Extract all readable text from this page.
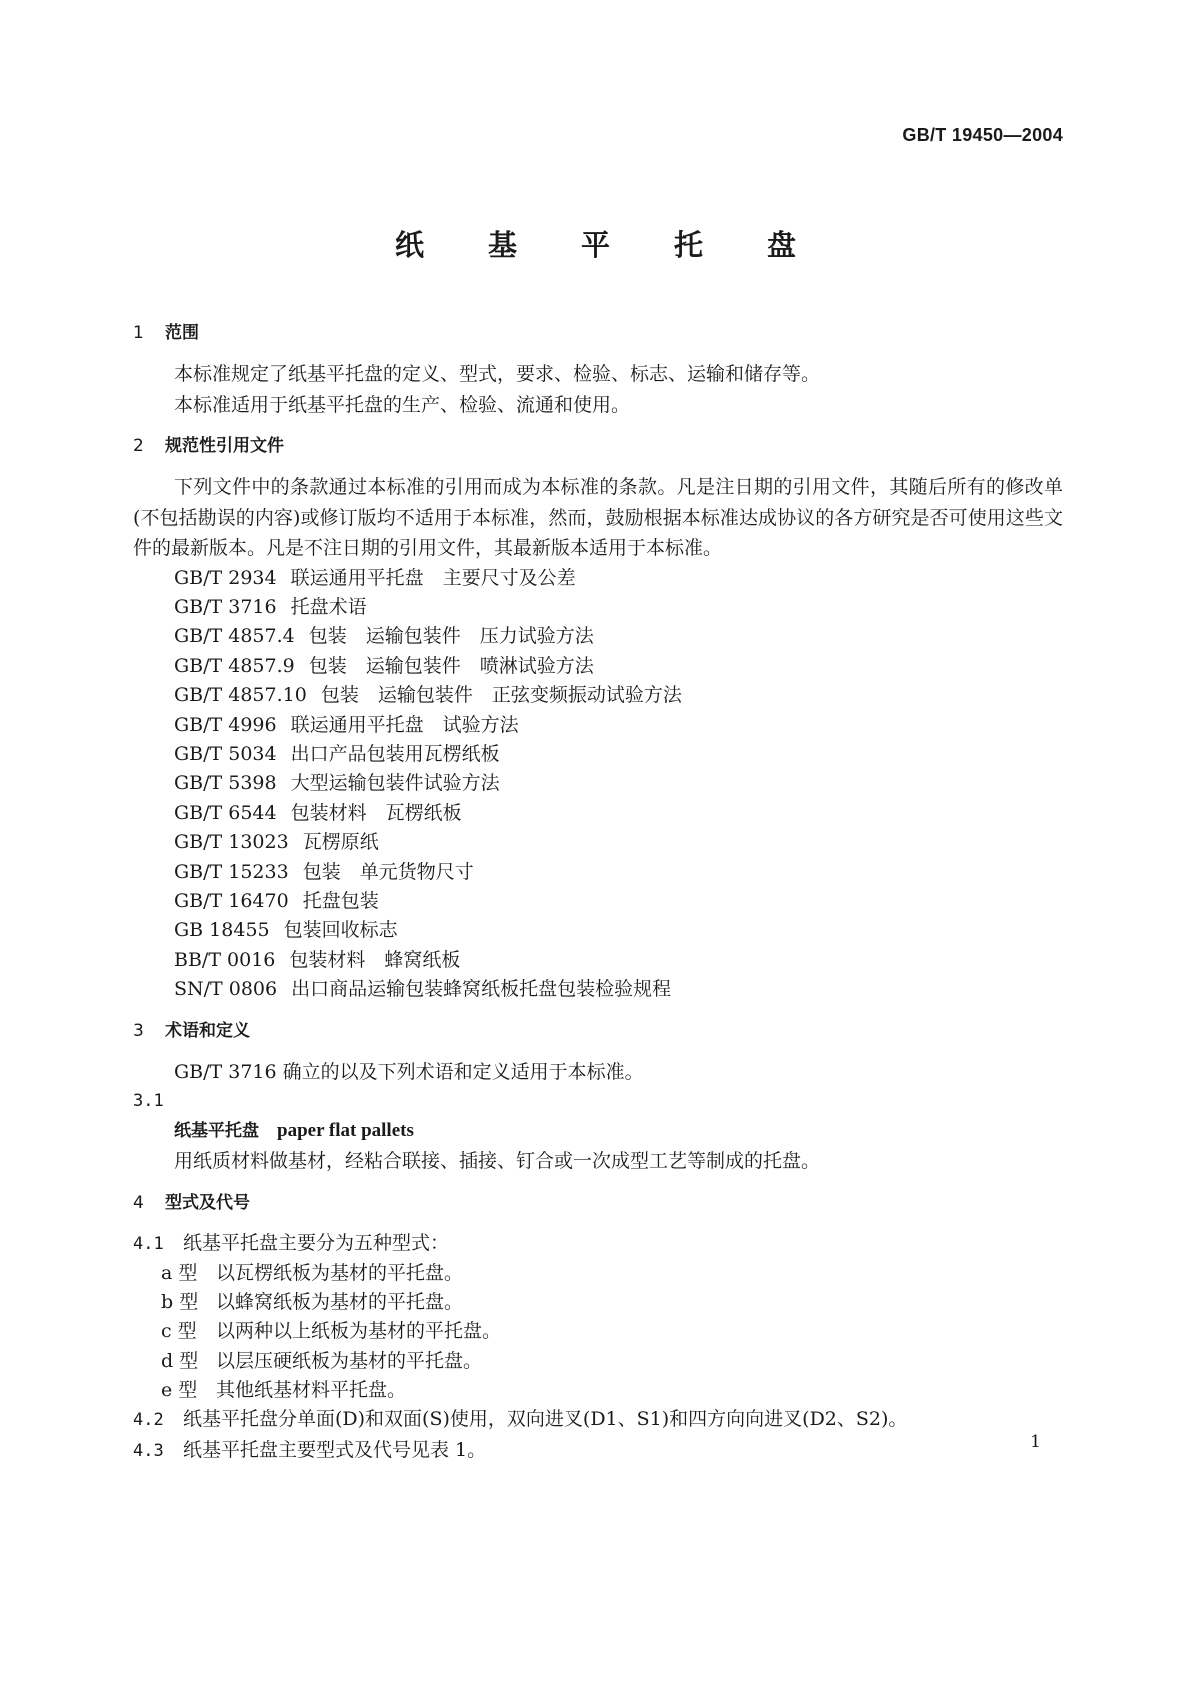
GB/T 19450—2004
纸基平托盘
1 范围
本标准规定了纸基平托盘的定义、型式，要求、检验、标志、运输和储存等。
本标准适用于纸基平托盘的生产、检验、流通和使用。
2 规范性引用文件
下列文件中的条款通过本标准的引用而成为本标准的条款。凡是注日期的引用文件，其随后所有的修改单(不包括勘误的内容)或修订版均不适用于本标准，然而，鼓励根据本标准达成协议的各方研究是否可使用这些文件的最新版本。凡是不注日期的引用文件，其最新版本适用于本标准。
GB/T 2934 联运通用平托盘　主要尺寸及公差
GB/T 3716 托盘术语
GB/T 4857.4 包装　运输包装件　压力试验方法
GB/T 4857.9 包装　运输包装件　喷淋试验方法
GB/T 4857.10 包装　运输包装件　正弦变频振动试验方法
GB/T 4996 联运通用平托盘　试验方法
GB/T 5034 出口产品包装用瓦楞纸板
GB/T 5398 大型运输包装件试验方法
GB/T 6544 包装材料　瓦楞纸板
GB/T 13023 瓦楞原纸
GB/T 15233 包装　单元货物尺寸
GB/T 16470 托盘包装
GB 18455 包装回收标志
BB/T 0016 包装材料　蜂窝纸板
SN/T 0806 出口商品运输包装蜂窝纸板托盘包装检验规程
3 术语和定义
GB/T 3716 确立的以及下列术语和定义适用于本标准。
3.1
纸基平托盘 paper flat pallets
用纸质材料做基材，经粘合联接、插接、钉合或一次成型工艺等制成的托盘。
4 型式及代号
4.1 纸基平托盘主要分为五种型式：
a 型 以瓦楞纸板为基材的平托盘。
b 型 以蜂窝纸板为基材的平托盘。
c 型 以两种以上纸板为基材的平托盘。
d 型 以层压硬纸板为基材的平托盘。
e 型 其他纸基材料平托盘。
4.2 纸基平托盘分单面(D)和双面(S)使用，双向进叉(D1、S1)和四方向向进叉(D2、S2)。
4.3 纸基平托盘主要型式及代号见表 1。	1
